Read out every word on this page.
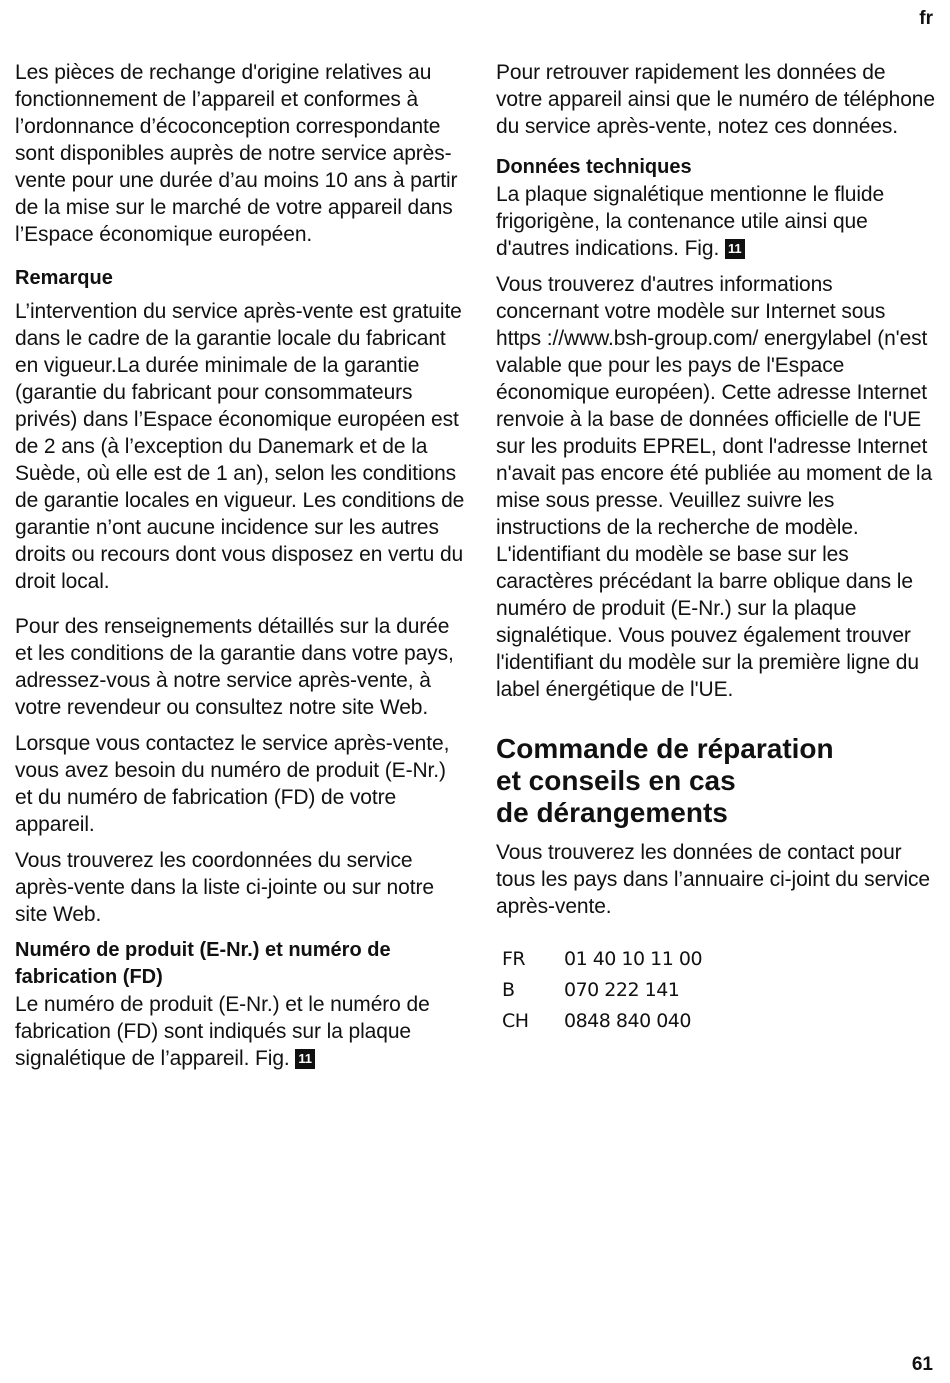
fr

Les pièces de rechange d'origine relatives au fonctionnement de l’appareil et conformes à l’ordonnance d’écoconception correspondante sont disponibles auprès de notre service après-vente pour une durée d’au moins 10 ans à partir de la mise sur le marché de votre appareil dans l’Espace économique européen.

Remarque

L’intervention du service après-vente est gratuite dans le cadre de la garantie locale du fabricant en vigueur.La durée minimale de la garantie (garantie du fabricant pour consommateurs privés) dans l’Espace économique européen est de 2 ans (à l’exception du Danemark et de la Suède, où elle est de 1 an), selon les conditions de garantie locales en vigueur. Les conditions de garantie n’ont aucune incidence sur les autres droits ou recours dont vous disposez en vertu du droit local.

Pour des renseignements détaillés sur la durée et les conditions de la garantie dans votre pays, adressez-vous à notre service après-vente, à votre revendeur ou consultez notre site Web.

Lorsque vous contactez le service après-vente, vous avez besoin du numéro de produit (E-Nr.) et du numéro de fabrication (FD) de votre appareil.

Vous trouverez les coordonnées du service après-vente dans la liste ci-jointe ou sur notre site Web.

Numéro de produit (E-Nr.) et numéro de fabrication (FD)

Le numéro de produit (E-Nr.) et le numéro de fabrication (FD) sont indiqués sur la plaque signalétique de l’appareil. Fig. 11

Pour retrouver rapidement les données de votre appareil ainsi que le numéro de téléphone du service après-vente, notez ces données.

Données techniques

La plaque signalétique mentionne le fluide frigorigène, la contenance utile ainsi que d'autres indications. Fig. 11

Vous trouverez d'autres informations concernant votre modèle sur Internet sous https ://www.bsh-group.com/ energylabel (n'est valable que pour les pays de l'Espace économique européen). Cette adresse Internet renvoie à la base de données officielle de l'UE sur les produits EPREL, dont l'adresse Internet n'avait pas encore été publiée au moment de la mise sous presse. Veuillez suivre les instructions de la recherche de modèle. L'identifiant du modèle se base sur les caractères précédant la barre oblique dans le numéro de produit (E-Nr.) sur la plaque signalétique. Vous pouvez également trouver l'identifiant du modèle sur la première ligne du label énergétique de l'UE.

Commande de réparation
et conseils en cas
de dérangements

Vous trouverez les données de contact pour tous les pays dans l’annuaire ci-joint du service après-vente.

FR	01 40 10 11 00
B	070 222 141
CH	0848 840 040
61
